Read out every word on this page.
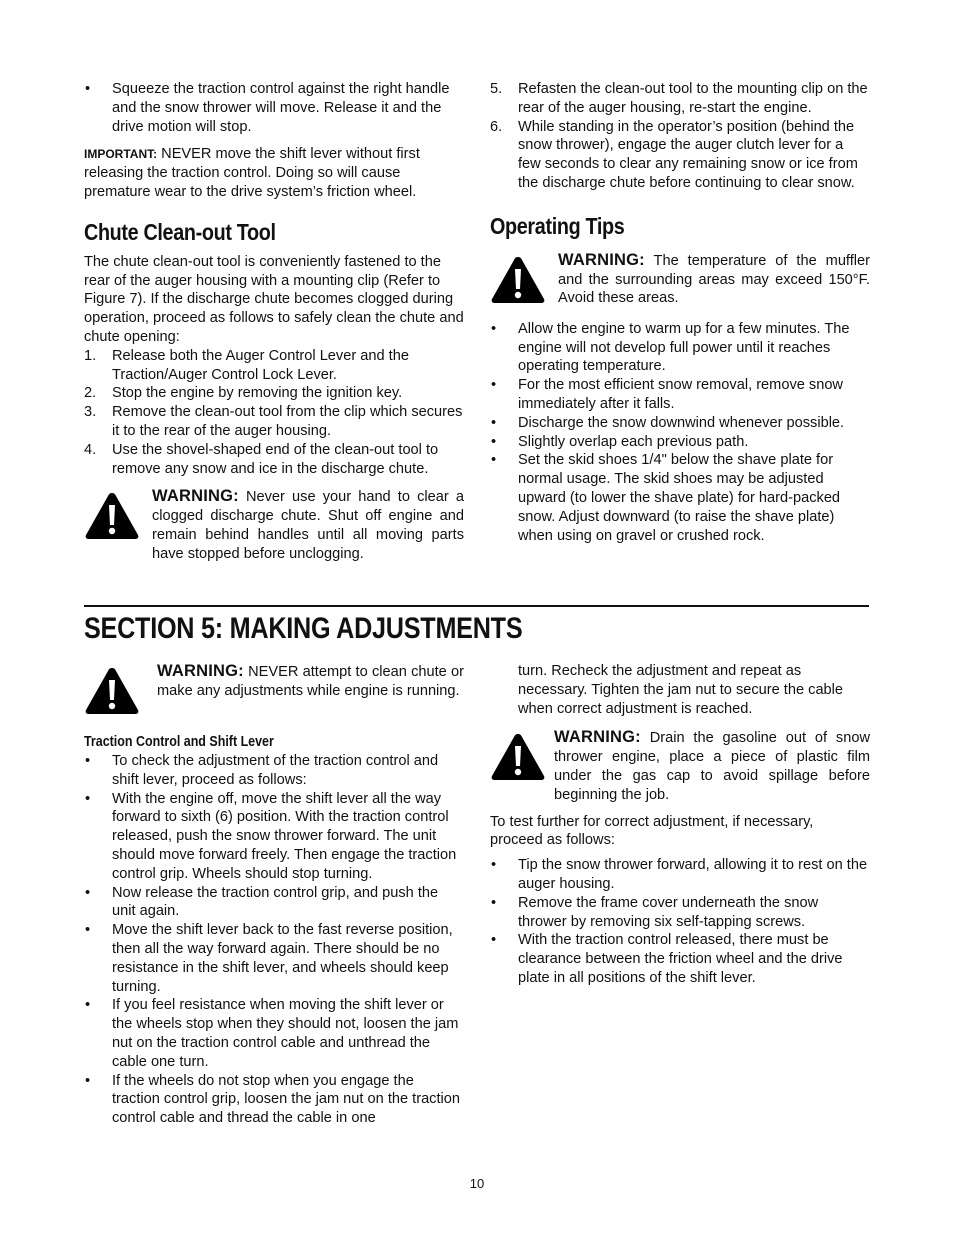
• Squeeze the traction control against the right handle and the snow thrower will move. Release it and the drive motion will stop.

IMPORTANT: NEVER move the shift lever without first releasing the traction control. Doing so will cause premature wear to the drive system’s friction wheel.

Chute Clean-out Tool

The chute clean-out tool is conveniently fastened to the rear of the auger housing with a mounting clip (Refer to Figure 7). If the discharge chute becomes clogged during operation, proceed as follows to safely clean the chute and chute opening:

1. Release both the Auger Control Lever and the Traction/Auger Control Lock Lever.
2. Stop the engine by removing the ignition key.
3. Remove the clean-out tool from the clip which secures it to the rear of the auger housing.
4. Use the shovel-shaped end of the clean-out tool to remove any snow and ice in the discharge chute.
WARNING: Never use your hand to clear a clogged discharge chute. Shut off engine and remain behind handles until all moving parts have stopped before unclogging.
5. Refasten the clean-out tool to the mounting clip on the rear of the auger housing, re-start the engine.
6. While standing in the operator’s position (behind the snow thrower), engage the auger clutch lever for a few seconds to clear any remaining snow or ice from the discharge chute before continuing to clear snow.
Operating Tips
WARNING: The temperature of the muffler and the surrounding areas may exceed 150°F. Avoid these areas.
• Allow the engine to warm up for a few minutes. The engine will not develop full power until it reaches operating temperature.
• For the most efficient snow removal, remove snow immediately after it falls.
• Discharge the snow downwind whenever possible.
• Slightly overlap each previous path.
• Set the skid shoes 1/4" below the shave plate for normal usage. The skid shoes may be adjusted upward (to lower the shave plate) for hard-packed snow. Adjust downward (to raise the shave plate) when using on gravel or crushed rock.
SECTION 5: MAKING ADJUSTMENTS
WARNING: NEVER attempt to clean chute or make any adjustments while engine is running.
Traction Control and Shift Lever
• To check the adjustment of the traction control and shift lever, proceed as follows:
• With the engine off, move the shift lever all the way forward to sixth (6) position. With the traction control released, push the snow thrower forward. The unit should move forward freely. Then engage the traction control grip. Wheels should stop turning.
• Now release the traction control grip, and push the unit again.
• Move the shift lever back to the fast reverse position, then all the way forward again. There should be no resistance in the shift lever, and wheels should keep turning.
• If you feel resistance when moving the shift lever or the wheels stop when they should not, loosen the jam nut on the traction control cable and unthread the cable one turn.
• If the wheels do not stop when you engage the traction control grip, loosen the jam nut on the traction control cable and thread the cable in one

turn. Recheck the adjustment and repeat as necessary. Tighten the jam nut to secure the cable when correct adjustment is reached.

WARNING: Drain the gasoline out of snow thrower engine, place a piece of plastic film under the gas cap to avoid spillage before beginning the job.

To test further for correct adjustment, if necessary, proceed as follows:

• Tip the snow thrower forward, allowing it to rest on the auger housing.
• Remove the frame cover underneath the snow thrower by removing six self-tapping screws.
• With the traction control released, there must be clearance between the friction wheel and the drive plate in all positions of the shift lever.
10
